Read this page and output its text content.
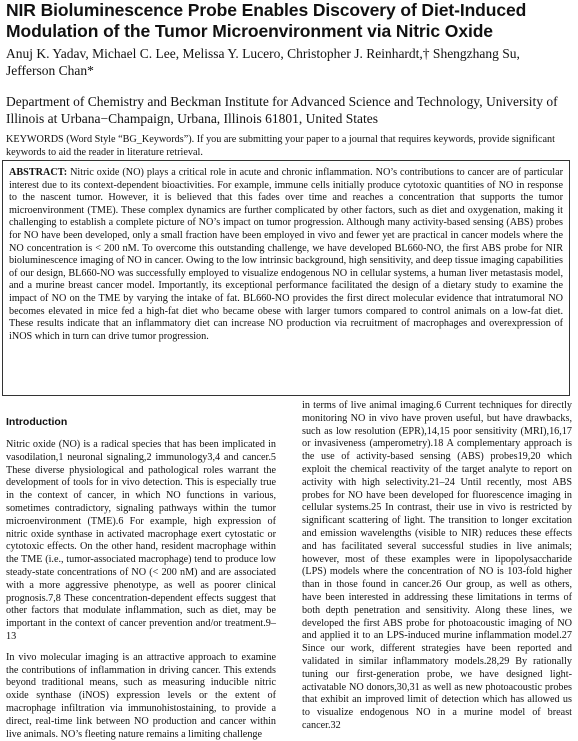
NIR Bioluminescence Probe Enables Discovery of Diet-Induced Modulation of the Tumor Microenvironment via Nitric Oxide
Anuj K. Yadav, Michael C. Lee, Melissa Y. Lucero, Christopher J. Reinhardt,† Shengzhang Su, Jefferson Chan*
Department of Chemistry and Beckman Institute for Advanced Science and Technology, University of Illinois at Urbana−Champaign, Urbana, Illinois 61801, United States
KEYWORDS (Word Style “BG_Keywords”). If you are submitting your paper to a journal that requires keywords, provide significant keywords to aid the reader in literature retrieval.
ABSTRACT: Nitric oxide (NO) plays a critical role in acute and chronic inflammation. NO’s contributions to cancer are of particular interest due to its context-dependent bioactivities. For example, immune cells initially produce cytotoxic quantities of NO in response to the nascent tumor. However, it is believed that this fades over time and reaches a concentration that supports the tumor microenvironment (TME). These complex dynamics are further complicated by other factors, such as diet and oxygenation, making it challenging to establish a complete picture of NO’s impact on tumor progression. Although many activity-based sensing (ABS) probes for NO have been developed, only a small fraction have been employed in vivo and fewer yet are practical in cancer models where the NO concentration is < 200 nM. To overcome this outstanding challenge, we have developed BL660-NO, the first ABS probe for NIR bioluminescence imaging of NO in cancer. Owing to the low intrinsic background, high sensitivity, and deep tissue imaging capabilities of our design, BL660-NO was successfully employed to visualize endogenous NO in cellular systems, a human liver metastasis model, and a murine breast cancer model. Importantly, its exceptional performance facilitated the design of a dietary study to examine the impact of NO on the TME by varying the intake of fat. BL660-NO provides the first direct molecular evidence that intratumoral NO becomes elevated in mice fed a high-fat diet who became obese with larger tumors compared to control animals on a low-fat diet. These results indicate that an inflammatory diet can increase NO production via recruitment of macrophages and overexpression of iNOS which in turn can drive tumor progression.
Introduction

Nitric oxide (NO) is a radical species that has been implicated in vasodilation,1 neuronal signaling,2 immunology3,4 and cancer.5 These diverse physiological and pathological roles warrant the development of tools for in vivo detection. This is especially true in the context of cancer, in which NO functions in various, sometimes contradictory, signaling pathways within the tumor microenvironment (TME).6 For example, high expression of nitric oxide synthase in activated macrophage exert cytostatic or cytotoxic effects. On the other hand, resident macrophage within the TME (i.e., tumor-associated macrophage) tend to produce low steady-state concentrations of NO (< 200 nM) and are associated with a more aggressive phenotype, as well as poorer clinical prognosis.7,8 These concentration-dependent effects suggest that other factors that modulate inflammation, such as diet, may be important in the context of cancer prevention and/or treatment.9–13

In vivo molecular imaging is an attractive approach to examine the contributions of inflammation in driving cancer. This extends beyond traditional means, such as measuring inducible nitric oxide synthase (iNOS) expression levels or the extent of macrophage infiltration via immunohistostaining, to provide a direct, real-time link between NO production and cancer within live animals. NO’s fleeting nature remains a limiting challenge

in terms of live animal imaging.6 Current techniques for directly monitoring NO in vivo have proven useful, but have drawbacks, such as low resolution (EPR),14,15 poor sensitivity (MRI),16,17 or invasiveness (amperometry).18 A complementary approach is the use of activity-based sensing (ABS) probes19,20 which exploit the chemical reactivity of the target analyte to report on activity with high selectivity.21–24 Until recently, most ABS probes for NO have been developed for fluorescence imaging in cellular systems.25 In contrast, their use in vivo is restricted by significant scattering of light. The transition to longer excitation and emission wavelengths (visible to NIR) reduces these effects and has facilitated several successful studies in live animals; however, most of these examples were in lipopolysaccharide (LPS) models where the concentration of NO is 103-fold higher than in those found in cancer.26 Our group, as well as others, have been interested in addressing these limitations in terms of both depth penetration and sensitivity. Along these lines, we developed the first ABS probe for photoacoustic imaging of NO and applied it to an LPS-induced murine inflammation model.27 Since our work, different strategies have been reported and validated in similar inflammatory models.28,29 By rationally tuning our first-generation probe, we have designed light-activatable NO donors,30,31 as well as new photoacoustic probes that exhibit an improved limit of detection which has allowed us to visualize endogenous NO in a murine model of breast cancer.32
